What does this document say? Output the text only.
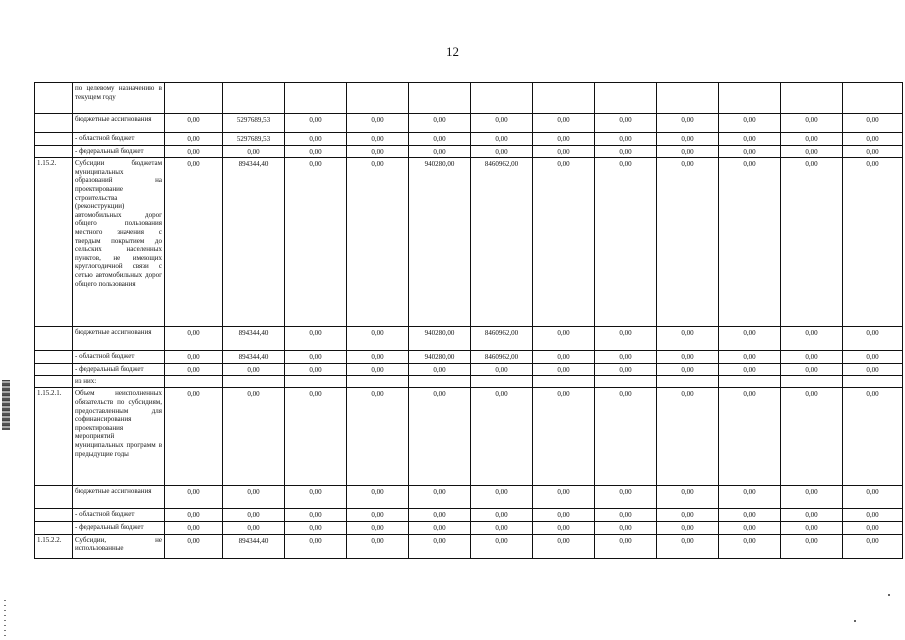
12
	по целевому назначению в текущем году												
	бюджетные ассигнования	0,00	5297689,53	0,00	0,00	0,00	0,00	0,00	0,00	0,00	0,00	0,00	0,00
	- областной бюджет	0,00	5297689,53	0,00	0,00	0,00	0,00	0,00	0,00	0,00	0,00	0,00	0,00
	- федеральный бюджет	0,00	0,00	0,00	0,00	0,00	0,00	0,00	0,00	0,00	0,00	0,00	0,00
1.15.2.	Субсидии бюджетам муниципальных образований на проектирование строительства (реконструкции) автомобильных дорог общего пользования местного значения с твердым покрытием до сельских населенных пунктов, не имеющих круглогодичной связи с сетью автомобильных дорог общего пользования	0,00	894344,40	0,00	0,00	940280,00	8460962,00	0,00	0,00	0,00	0,00	0,00	0,00
	бюджетные ассигнования	0,00	894344,40	0,00	0,00	940280,00	8460962,00	0,00	0,00	0,00	0,00	0,00	0,00
	- областной бюджет	0,00	894344,40	0,00	0,00	940280,00	8460962,00	0,00	0,00	0,00	0,00	0,00	0,00
	- федеральный бюджет	0,00	0,00	0,00	0,00	0,00	0,00	0,00	0,00	0,00	0,00	0,00	0,00
	из них:												
1.15.2.1.	Объем неисполненных обязательств по субсидиям, предоставленным для софинансирования проектирования мероприятий муниципальных программ в предыдущие годы	0,00	0,00	0,00	0,00	0,00	0,00	0,00	0,00	0,00	0,00	0,00	0,00
	бюджетные ассигнования	0,00	0,00	0,00	0,00	0,00	0,00	0,00	0,00	0,00	0,00	0,00	0,00
	- областной бюджет	0,00	0,00	0,00	0,00	0,00	0,00	0,00	0,00	0,00	0,00	0,00	0,00
	- федеральный бюджет	0,00	0,00	0,00	0,00	0,00	0,00	0,00	0,00	0,00	0,00	0,00	0,00
1.15.2.2.	Субсидии, не использованные	0,00	894344,40	0,00	0,00	0,00	0,00	0,00	0,00	0,00	0,00	0,00	0,00
